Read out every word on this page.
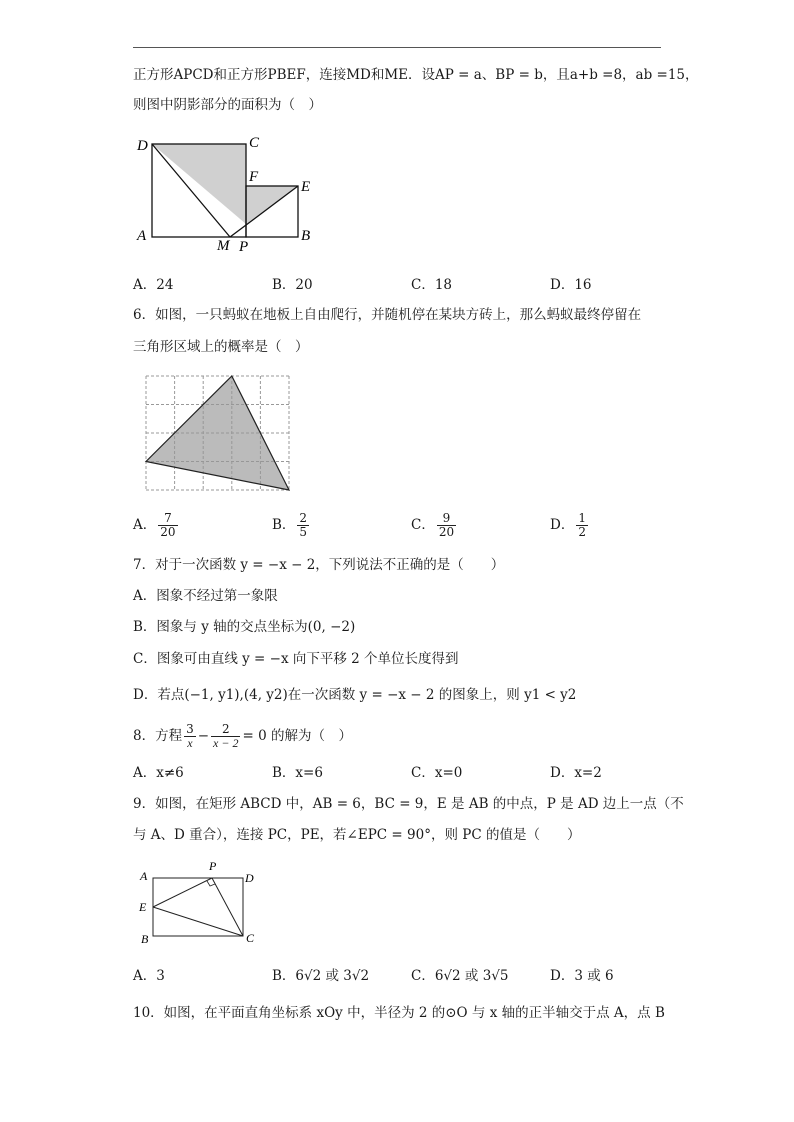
正方形APCD和正方形PBEF，连接MD和ME．设AP = a、BP = b，且a+b =8，ab =15，
则图中阴影部分的面积为（　）
D	C
F
E
A
M P
B
A．24	B．20	C．18	D．16
6．如图，一只蚂蚁在地板上自由爬行，并随机停在某块方砖上，那么蚂蚁最终停留在
三角形区域上的概率是（　）
A． $\frac{7}{20}$	B． $\frac{2}{5}$	C． $\frac{9}{20}$	D． $\frac{1}{2}$
7．对于一次函数 y = −x − 2，下列说法不正确的是（　　）
A．图象不经过第一象限
B．图象与 y 轴的交点坐标为(0, −2)
C．图象可由直线 y = −x 向下平移 2 个单位长度得到
D．若点(−1, y1),(4, y2)在一次函数 y = −x − 2 的图象上，则 y1 < y2
8．方程 $\frac{3}{x} - \frac{2}{x - 2} = 0$ 的解为（　）
A．x≠6	B．x=6	C．x=0	D．x=2
9．如图，在矩形 ABCD 中，AB = 6，BC = 9，E 是 AB 的中点，P 是 AD 边上一点（不
与 A、D 重合），连接 PC，PE，若∠EPC = 90°，则 PC 的值是（　　）
P
A	D
E
B	C
A．3	B．6√2 或 3√2	C．6√2 或 3√5	D．3 或 6
10．如图，在平面直角坐标系 xOy 中，半径为 2 的⊙O 与 x 轴的正半轴交于点 A，点 B
